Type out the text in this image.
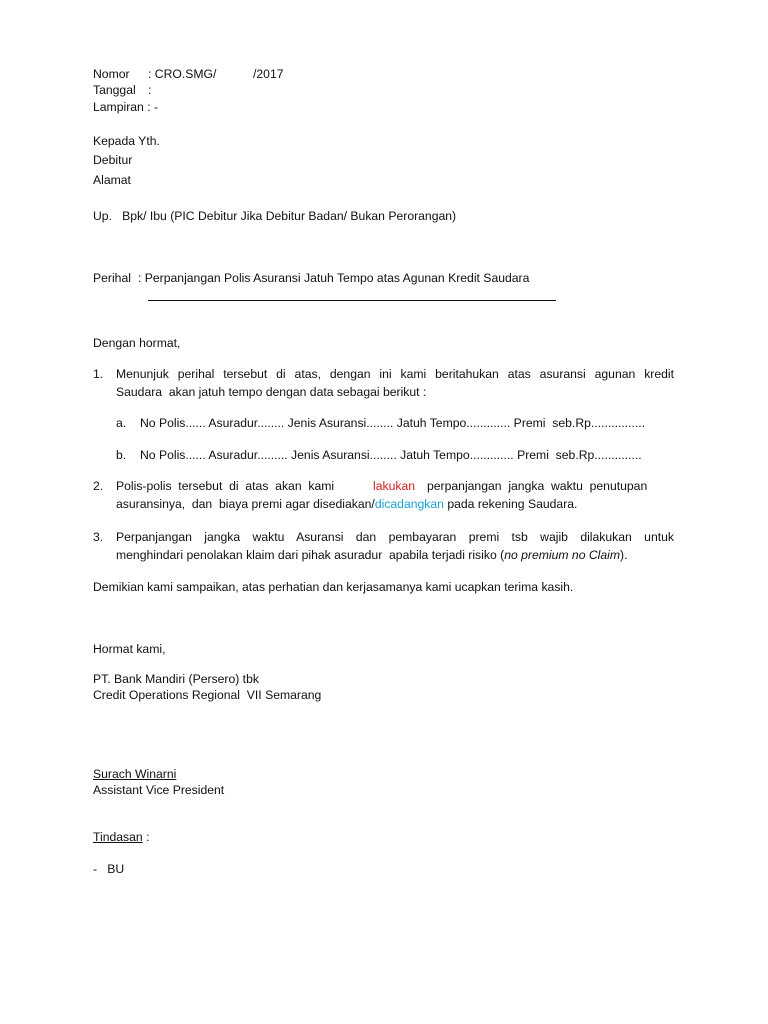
Nomor : CRO.SMG/	/2017
Tanggal :
Lampiran : -
Kepada Yth.
Debitur
Alamat
Up.   Bpk/ Ibu (PIC Debitur Jika Debitur Badan/ Bukan Perorangan)
Perihal : Perpanjangan Polis Asuransi Jatuh Tempo atas Agunan Kredit Saudara
Dengan hormat,
1. Menunjuk perihal tersebut di atas, dengan ini kami beritahukan atas asuransi agunan kredit
Saudara  akan jatuh tempo dengan data sebagai berikut :
a. No Polis...... Asuradur........ Jenis Asuransi........ Jatuh Tempo............. Premi  seb.Rp................
b. No Polis...... Asuradur......... Jenis Asuransi........ Jatuh Tempo............. Premi  seb.Rp..............
2. Polis-polis  tersebut  di  atas  akan  kami	lakukan perpanjangan  jangka  waktu  penutupan
asuransinya,  dan  biaya premi agar disediakan/dicadangkan pada rekening Saudara.
3. Perpanjangan jangka waktu Asuransi dan pembayaran premi tsb wajib dilakukan untuk
menghindari penolakan klaim dari pihak asuradur  apabila terjadi risiko (no premium no Claim).
Demikian kami sampaikan, atas perhatian dan kerjasamanya kami ucapkan terima kasih.
Hormat kami,
PT. Bank Mandiri (Persero) tbk
Credit Operations Regional  VII Semarang
Surach Winarni
Assistant Vice President
Tindasan :
-   BU
